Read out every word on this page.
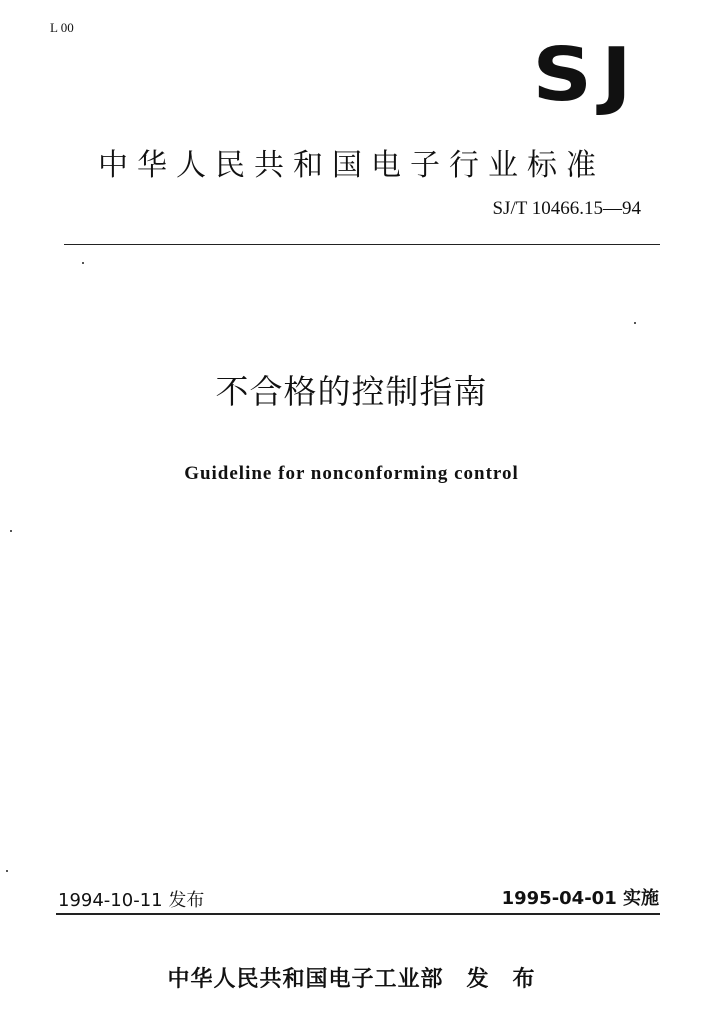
L 00
SJ
中华人民共和国电子行业标准
SJ/T 10466.15—94
不合格的控制指南
Guideline for nonconforming control
1994-10-11 发布	1995-04-01 实施
中华人民共和国电子工业部　发　布
